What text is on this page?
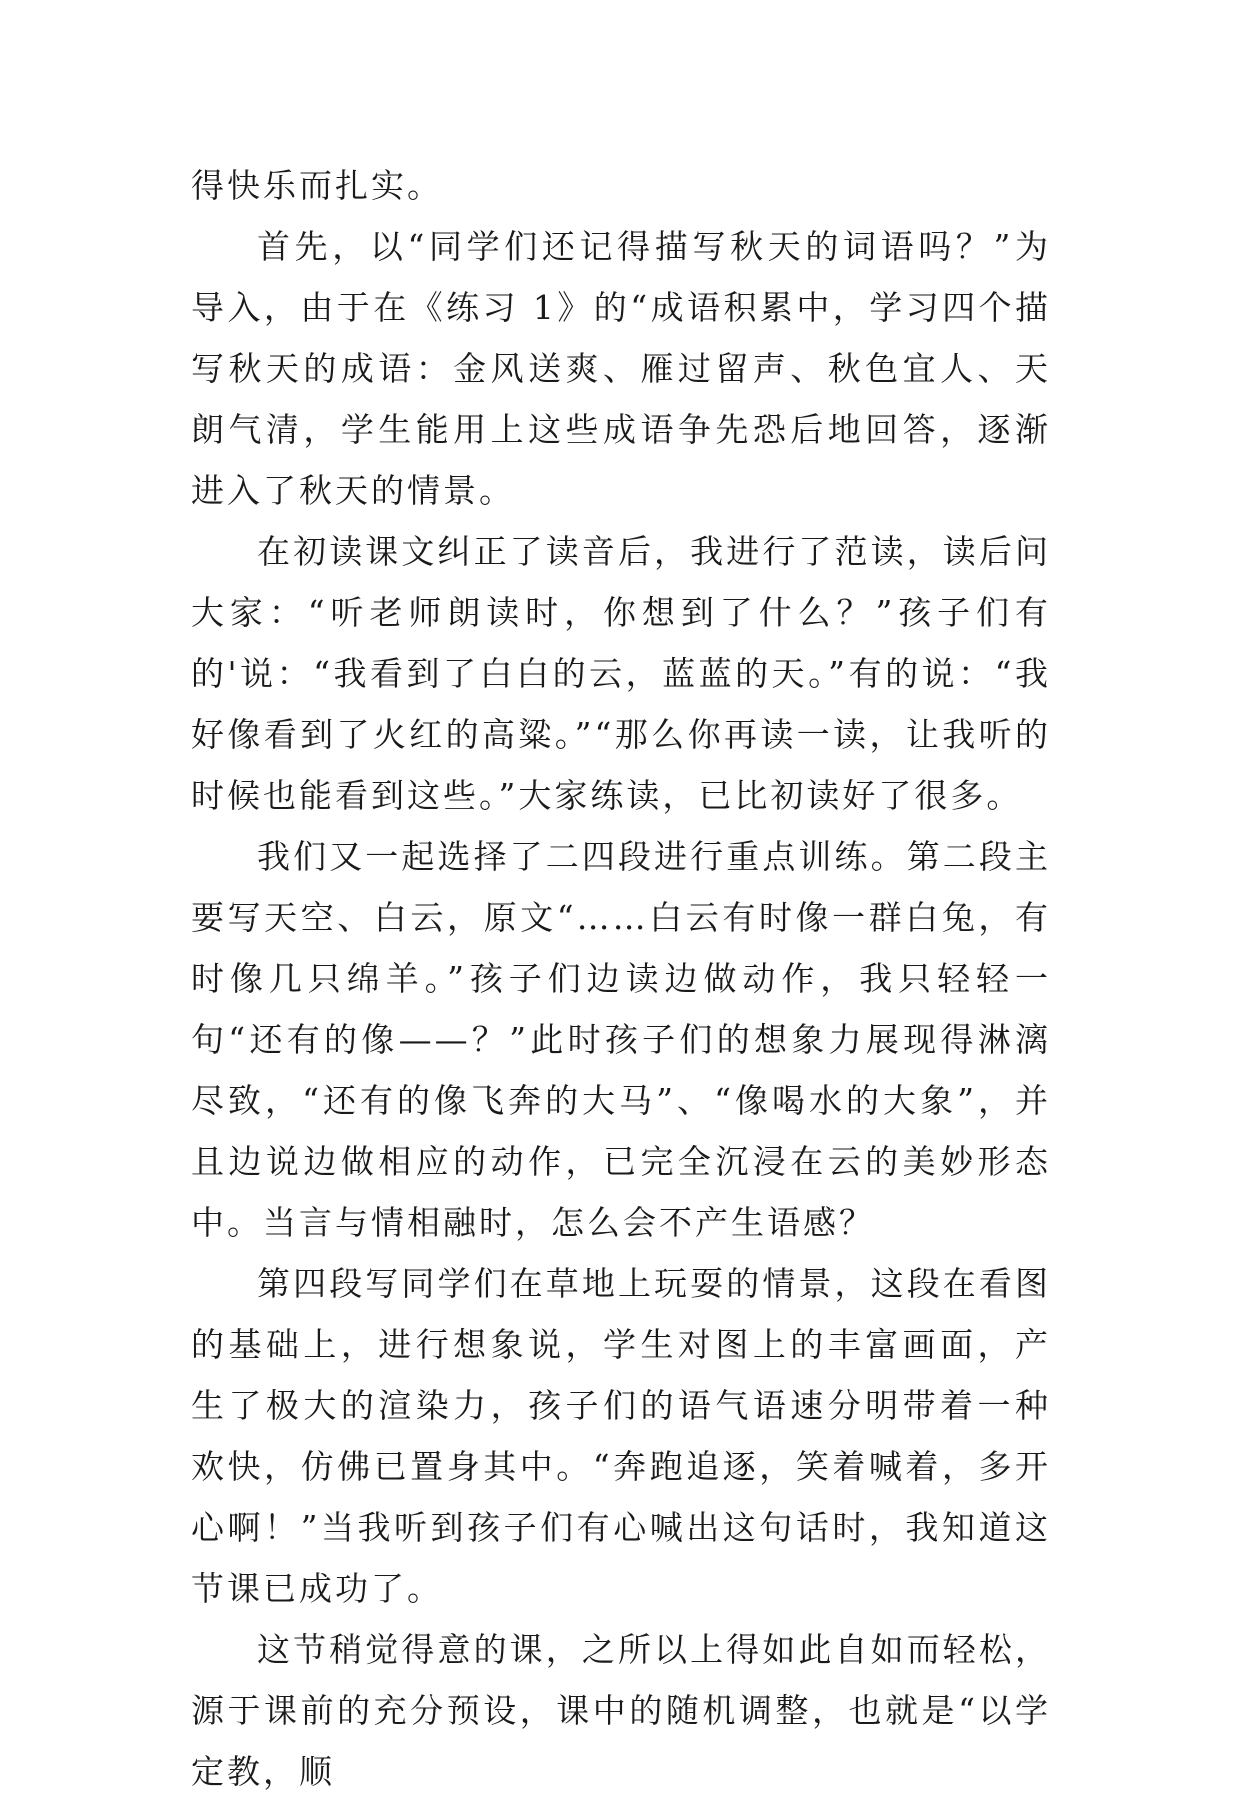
得快乐而扎实。

首先，以“同学们还记得描写秋天的词语吗？”为导入，由于在《练习 1》的“成语积累中，学习四个描写秋天的成语：金风送爽、雁过留声、秋色宜人、天朗气清，学生能用上这些成语争先恐后地回答，逐渐进入了秋天的情景。

在初读课文纠正了读音后，我进行了范读，读后问大家：“听老师朗读时，你想到了什么？”孩子们有的'说：“我看到了白白的云，蓝蓝的天。”有的说：“我好像看到了火红的高粱。”“那么你再读一读，让我听的时候也能看到这些。”大家练读，已比初读好了很多。

我们又一起选择了二四段进行重点训练。第二段主要写天空、白云，原文“……白云有时像一群白兔，有时像几只绵羊。”孩子们边读边做动作，我只轻轻一句“还有的像——？”此时孩子们的想象力展现得淋漓尽致，“还有的像飞奔的大马”、“像喝水的大象”，并且边说边做相应的动作，已完全沉浸在云的美妙形态中。当言与情相融时，怎么会不产生语感？

第四段写同学们在草地上玩耍的情景，这段在看图的基础上，进行想象说，学生对图上的丰富画面，产生了极大的渲染力，孩子们的语气语速分明带着一种欢快，仿佛已置身其中。“奔跑追逐，笑着喊着，多开心啊！”当我听到孩子们有心喊出这句话时，我知道这节课已成功了。

这节稍觉得意的课，之所以上得如此自如而轻松，源于课前的充分预设，课中的随机调整，也就是“以学定教，顺
